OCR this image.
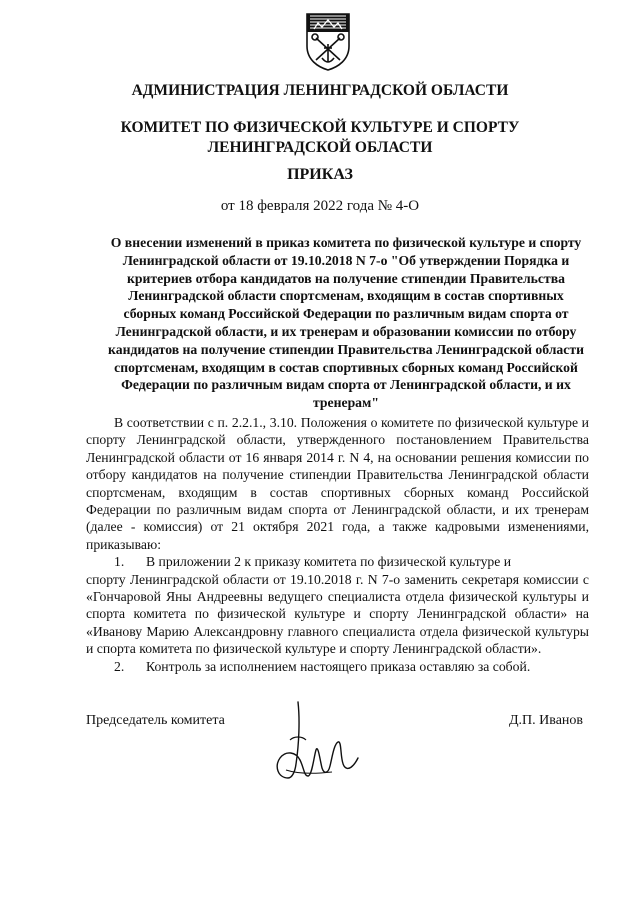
АДМИНИСТРАЦИЯ ЛЕНИНГРАДСКОЙ ОБЛАСТИ
КОМИТЕТ ПО ФИЗИЧЕСКОЙ КУЛЬТУРЕ И СПОРТУ
ЛЕНИНГРАДСКОЙ ОБЛАСТИ
ПРИКАЗ
от 18 февраля 2022 года № 4-О
О внесении изменений в приказ комитета по физической культуре и спорту Ленинградской области от 19.10.2018 N 7-о "Об утверждении Порядка и критериев отбора кандидатов на получение стипендии Правительства Ленинградской области спортсменам, входящим в состав спортивных сборных команд Российской Федерации по различным видам спорта от Ленинградской области, и их тренерам и образовании комиссии по отбору кандидатов на получение стипендии Правительства Ленинградской области спортсменам, входящим в состав спортивных сборных команд Российской Федерации по различным видам спорта от Ленинградской области, и их тренерам"

В соответствии с п. 2.2.1., 3.10. Положения о комитете по физической культуре и спорту Ленинградской области, утвержденного постановлением Правительства Ленинградской области от 16 января 2014 г. N 4, на основании решения комиссии по отбору кандидатов на получение стипендии Правительства Ленинградской области спортсменам, входящим в состав спортивных сборных команд Российской Федерации по различным видам спорта от Ленинградской области, и их тренерам (далее - комиссия) от 21 октября 2021 года, а также кадровыми изменениями, приказываю:

1.	В приложении 2 к приказу комитета по физической культуре и

спорту Ленинградской области от 19.10.2018 г. N 7-о заменить секретаря комиссии с «Гончаровой Яны Андреевны ведущего специалиста отдела физической культуры и спорта комитета по физической культуре и спорту Ленинградской области» на «Иванову Марию Александровну главного специалиста отдела физической культуры и спорта комитета по физической культуре и спорту Ленинградской области».

2.	Контроль за исполнением настоящего приказа оставляю за собой.
Председатель комитета	Д.П. Иванов
